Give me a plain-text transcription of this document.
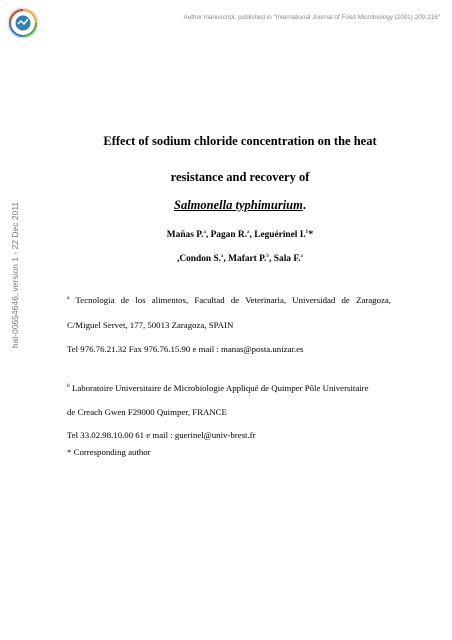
Author manuscript, published in "International Journal of Food Microbiology (2001) 209-216"
hal-00654646, version 1 - 22 Dec 2011
Effect of sodium chloride concentration on the heat
resistance and recovery of
Salmonella typhimurium.
Mañas P.$^a$, Pagan R.$^a$, Leguérinel I.$^b$*
,Condon S.$^a$, Mafart P.$^b$, Sala F.$^a$
$^a$ Tecnologia de los alimentos, Facultad de Veterinaria, Universidad de Zaragoza,
C/Miguel Servet, 177, 50013 Zaragoza, SPAIN
Tel 976.76.21.32 Fax 976.76.15.90 e mail : manas@posta.unizar.es
$^b$ Laboratoire Universitaire de Microbiologie Appliqué de Quimper Pôle Universitaire
de Creach Gwen F29000 Quimper, FRANCE
Tel 33.02.98.10.00 61 e mail : guerinel@univ-brest.fr
* Corresponding author
